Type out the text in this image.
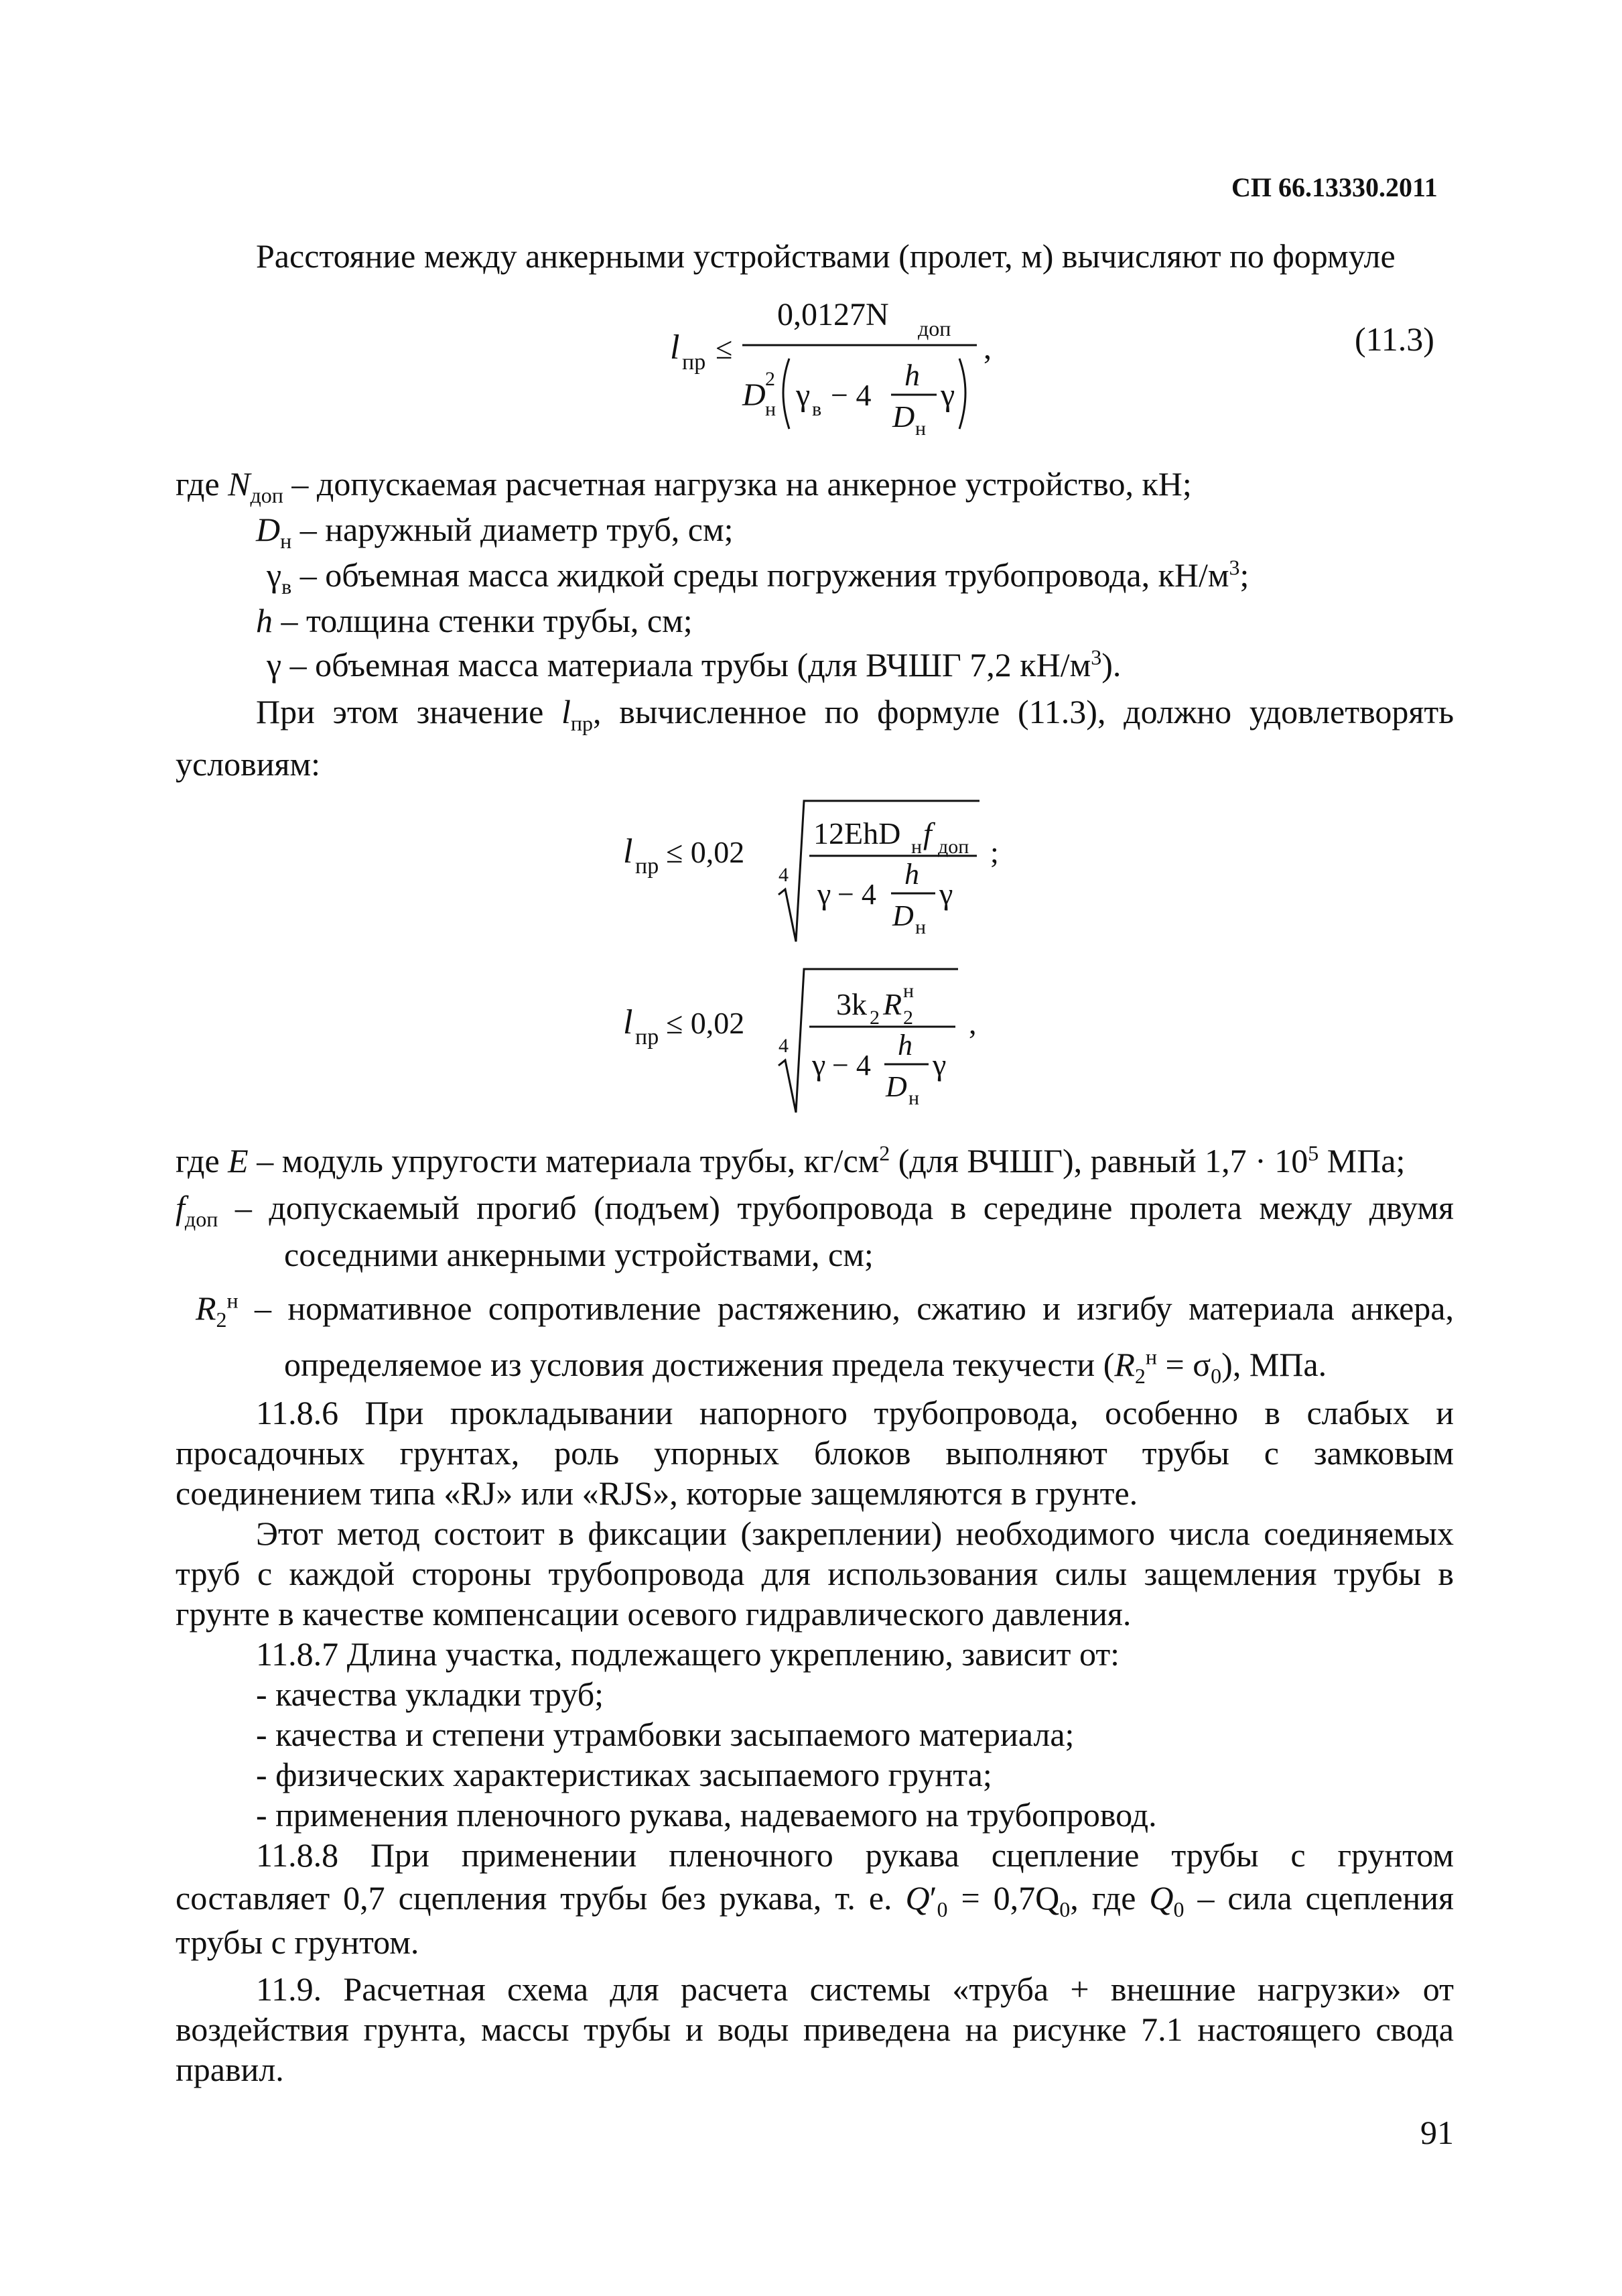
СП 66.13330.2011
Расстояние между анкерными устройствами (пролет, м) вычисляют по формуле
l пр ≤
0,0127N доп
D 2
н γ в − 4
h
D н
γ
,	(11.3)
где $N_{доп}$ – допускаемая расчетная нагрузка на анкерное устройство, кН;
$D_н$ – наружный диаметр труб, см;
$\gamma_в$ – объемная масса жидкой среды погружения трубопровода, $кН/м^3$;
h – толщина стенки трубы, см;
γ – объемная масса материала трубы (для ВЧШГ 7,2 $кН/м^3$).
При этом значение $l_{пр}$, вычисленное по формуле (11.3), должно удовлетворять
условиям:
l пр ≤ 0,02
4
12EhD н f доп
γ − 4
h
D н
γ
;
l пр ≤ 0,02
4
3k 2 R 2
н
γ − 4
h
D н
γ
,
где E – модуль упругости материала трубы, $кг/см^2$ (для ВЧШГ), равный $1,7 \cdot 10^5$ МПа;
$f_{доп}$ – допускаемый прогиб (подъем) трубопровода в середине пролета между двумя
соседними анкерными устройствами, см;
$R_2^н$ – нормативное сопротивление растяжению, сжатию и изгибу материала анкера,
определяемое из условия достижения предела текучести $(R_2^н = \sigma_0)$, МПа.
11.8.6 При прокладывании напорного трубопровода, особенно в слабых и
просадочных грунтах, роль упорных блоков выполняют трубы с замковым
соединением типа «RJ» или «RJS», которые защемляются в грунте.
Этот метод состоит в фиксации (закреплении) необходимого числа соединяемых
труб с каждой стороны трубопровода для использования силы защемления трубы в
грунте в качестве компенсации осевого гидравлического давления.
11.8.7 Длина участка, подлежащего укреплению, зависит от:
- качества укладки труб;
- качества и степени утрамбовки засыпаемого материала;
- физических характеристиках засыпаемого грунта;
- применения пленочного рукава, надеваемого на трубопровод.
11.8.8 При применении пленочного рукава сцепление трубы с грунтом
составляет 0,7 сцепления трубы без рукава, т. е. $Q'_0 = 0,7Q_0$, где $Q_0$ – сила сцепления
трубы с грунтом.
11.9. Расчетная схема для расчета системы «труба + внешние нагрузки» от
воздействия грунта, массы трубы и воды приведена на рисунке 7.1 настоящего свода
правил.
91
